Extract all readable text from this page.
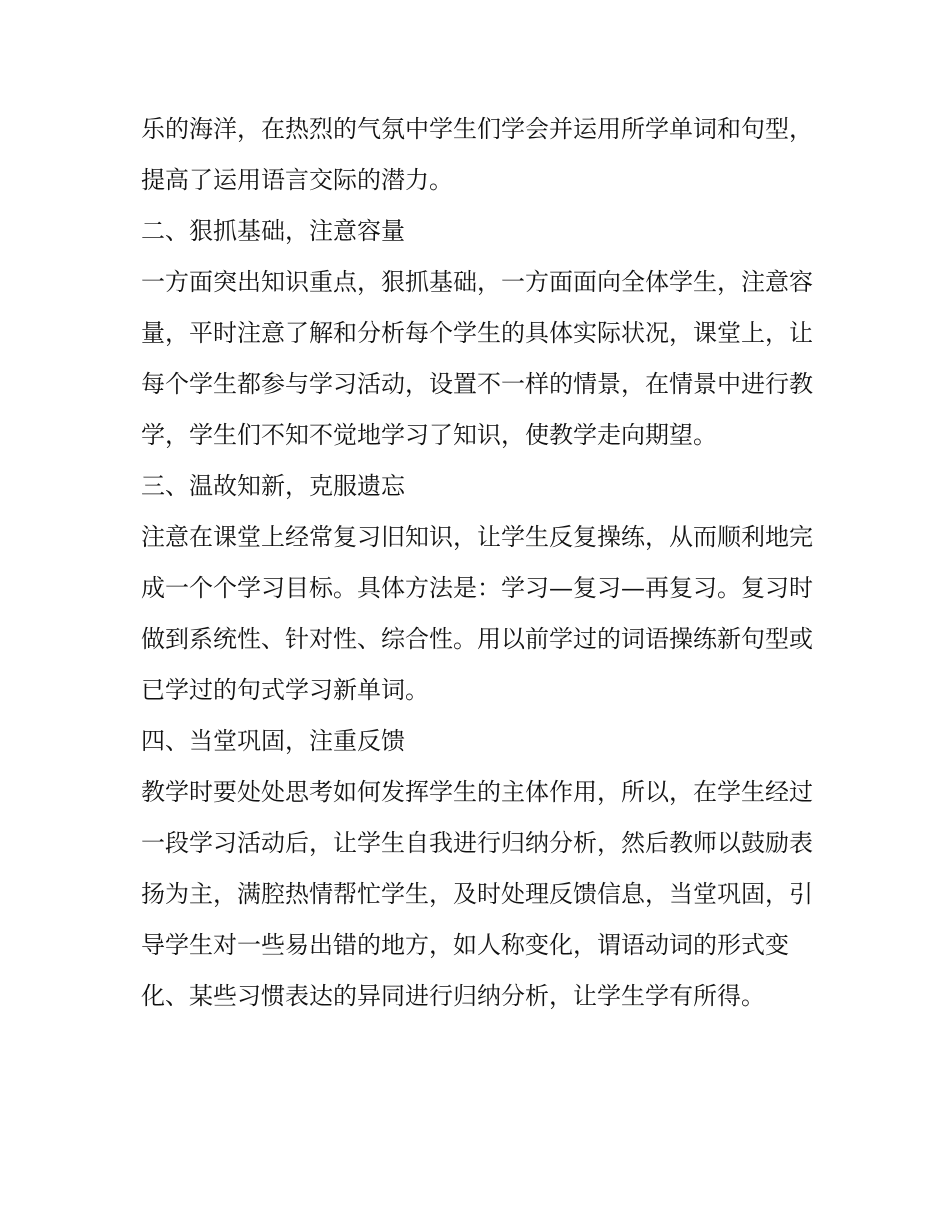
乐的海洋，在热烈的气氛中学生们学会并运用所学单词和句型，提高了运用语言交际的潜力。

二、狠抓基础，注意容量

一方面突出知识重点，狠抓基础，一方面面向全体学生，注意容量，平时注意了解和分析每个学生的具体实际状况，课堂上，让每个学生都参与学习活动，设置不一样的情景，在情景中进行教学，学生们不知不觉地学习了知识，使教学走向期望。

三、温故知新，克服遗忘

注意在课堂上经常复习旧知识，让学生反复操练，从而顺利地完成一个个学习目标。具体方法是：学习—复习—再复习。复习时做到系统性、针对性、综合性。用以前学过的词语操练新句型或已学过的句式学习新单词。

四、当堂巩固，注重反馈

教学时要处处思考如何发挥学生的主体作用，所以，在学生经过一段学习活动后，让学生自我进行归纳分析，然后教师以鼓励表扬为主，满腔热情帮忙学生，及时处理反馈信息，当堂巩固，引导学生对一些易出错的地方，如人称变化，谓语动词的形式变化、某些习惯表达的异同进行归纳分析，让学生学有所得。
